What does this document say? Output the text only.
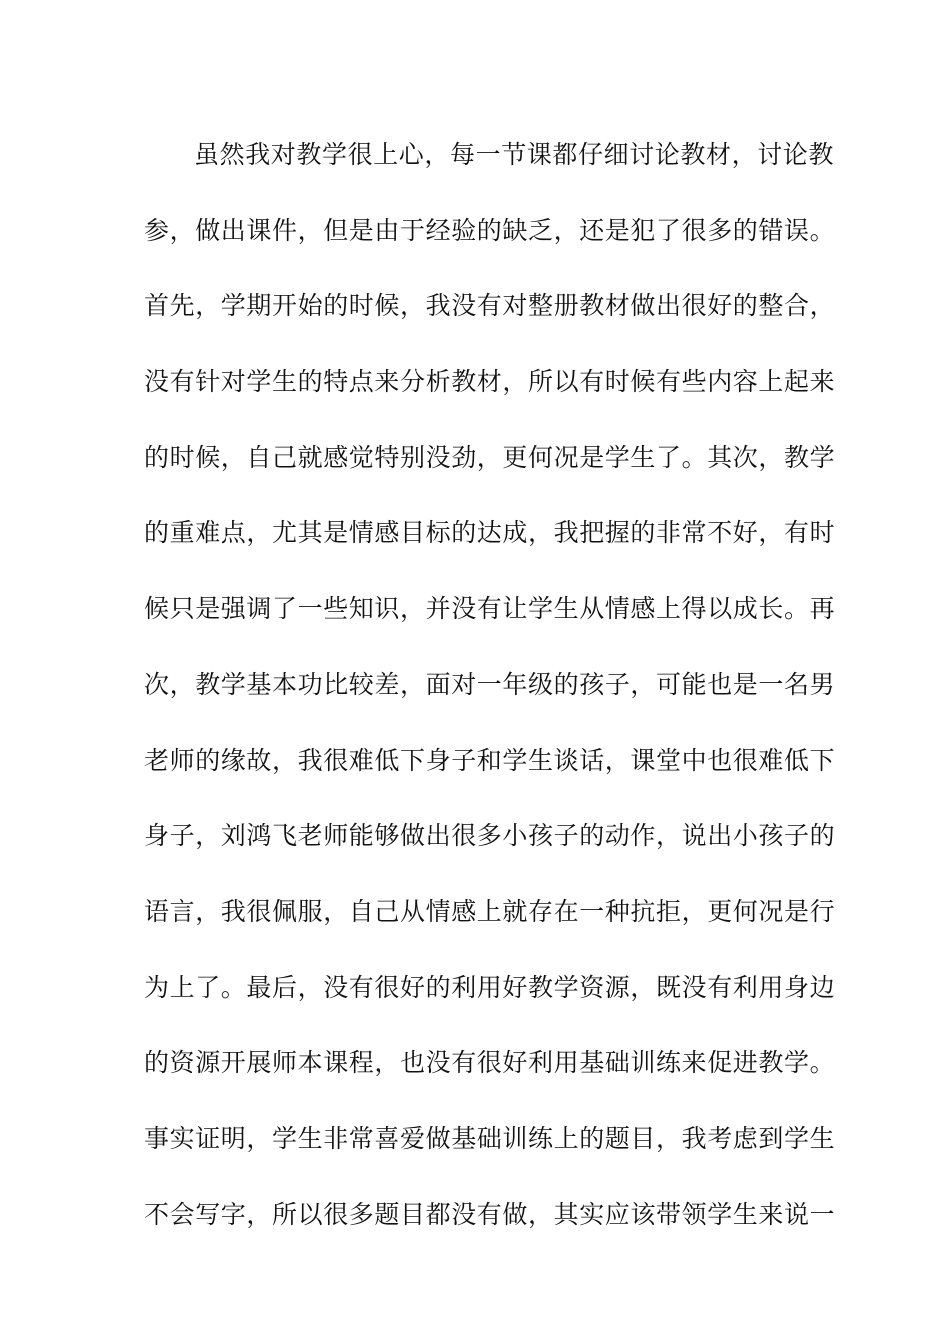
虽然我对教学很上心，每一节课都仔细讨论教材，讨论教
参，做出课件，但是由于经验的缺乏，还是犯了很多的错误。
首先，学期开始的时候，我没有对整册教材做出很好的整合，
没有针对学生的特点来分析教材，所以有时候有些内容上起来
的时候，自己就感觉特别没劲，更何况是学生了。其次，教学
的重难点，尤其是情感目标的达成，我把握的非常不好，有时
候只是强调了一些知识，并没有让学生从情感上得以成长。再
次，教学基本功比较差，面对一年级的孩子，可能也是一名男
老师的缘故，我很难低下身子和学生谈话，课堂中也很难低下
身子，刘鸿飞老师能够做出很多小孩子的动作，说出小孩子的
语言，我很佩服，自己从情感上就存在一种抗拒，更何况是行
为上了。最后，没有很好的利用好教学资源，既没有利用身边
的资源开展师本课程，也没有很好利用基础训练来促进教学。
事实证明，学生非常喜爱做基础训练上的题目，我考虑到学生
不会写字，所以很多题目都没有做，其实应该带领学生来说一
